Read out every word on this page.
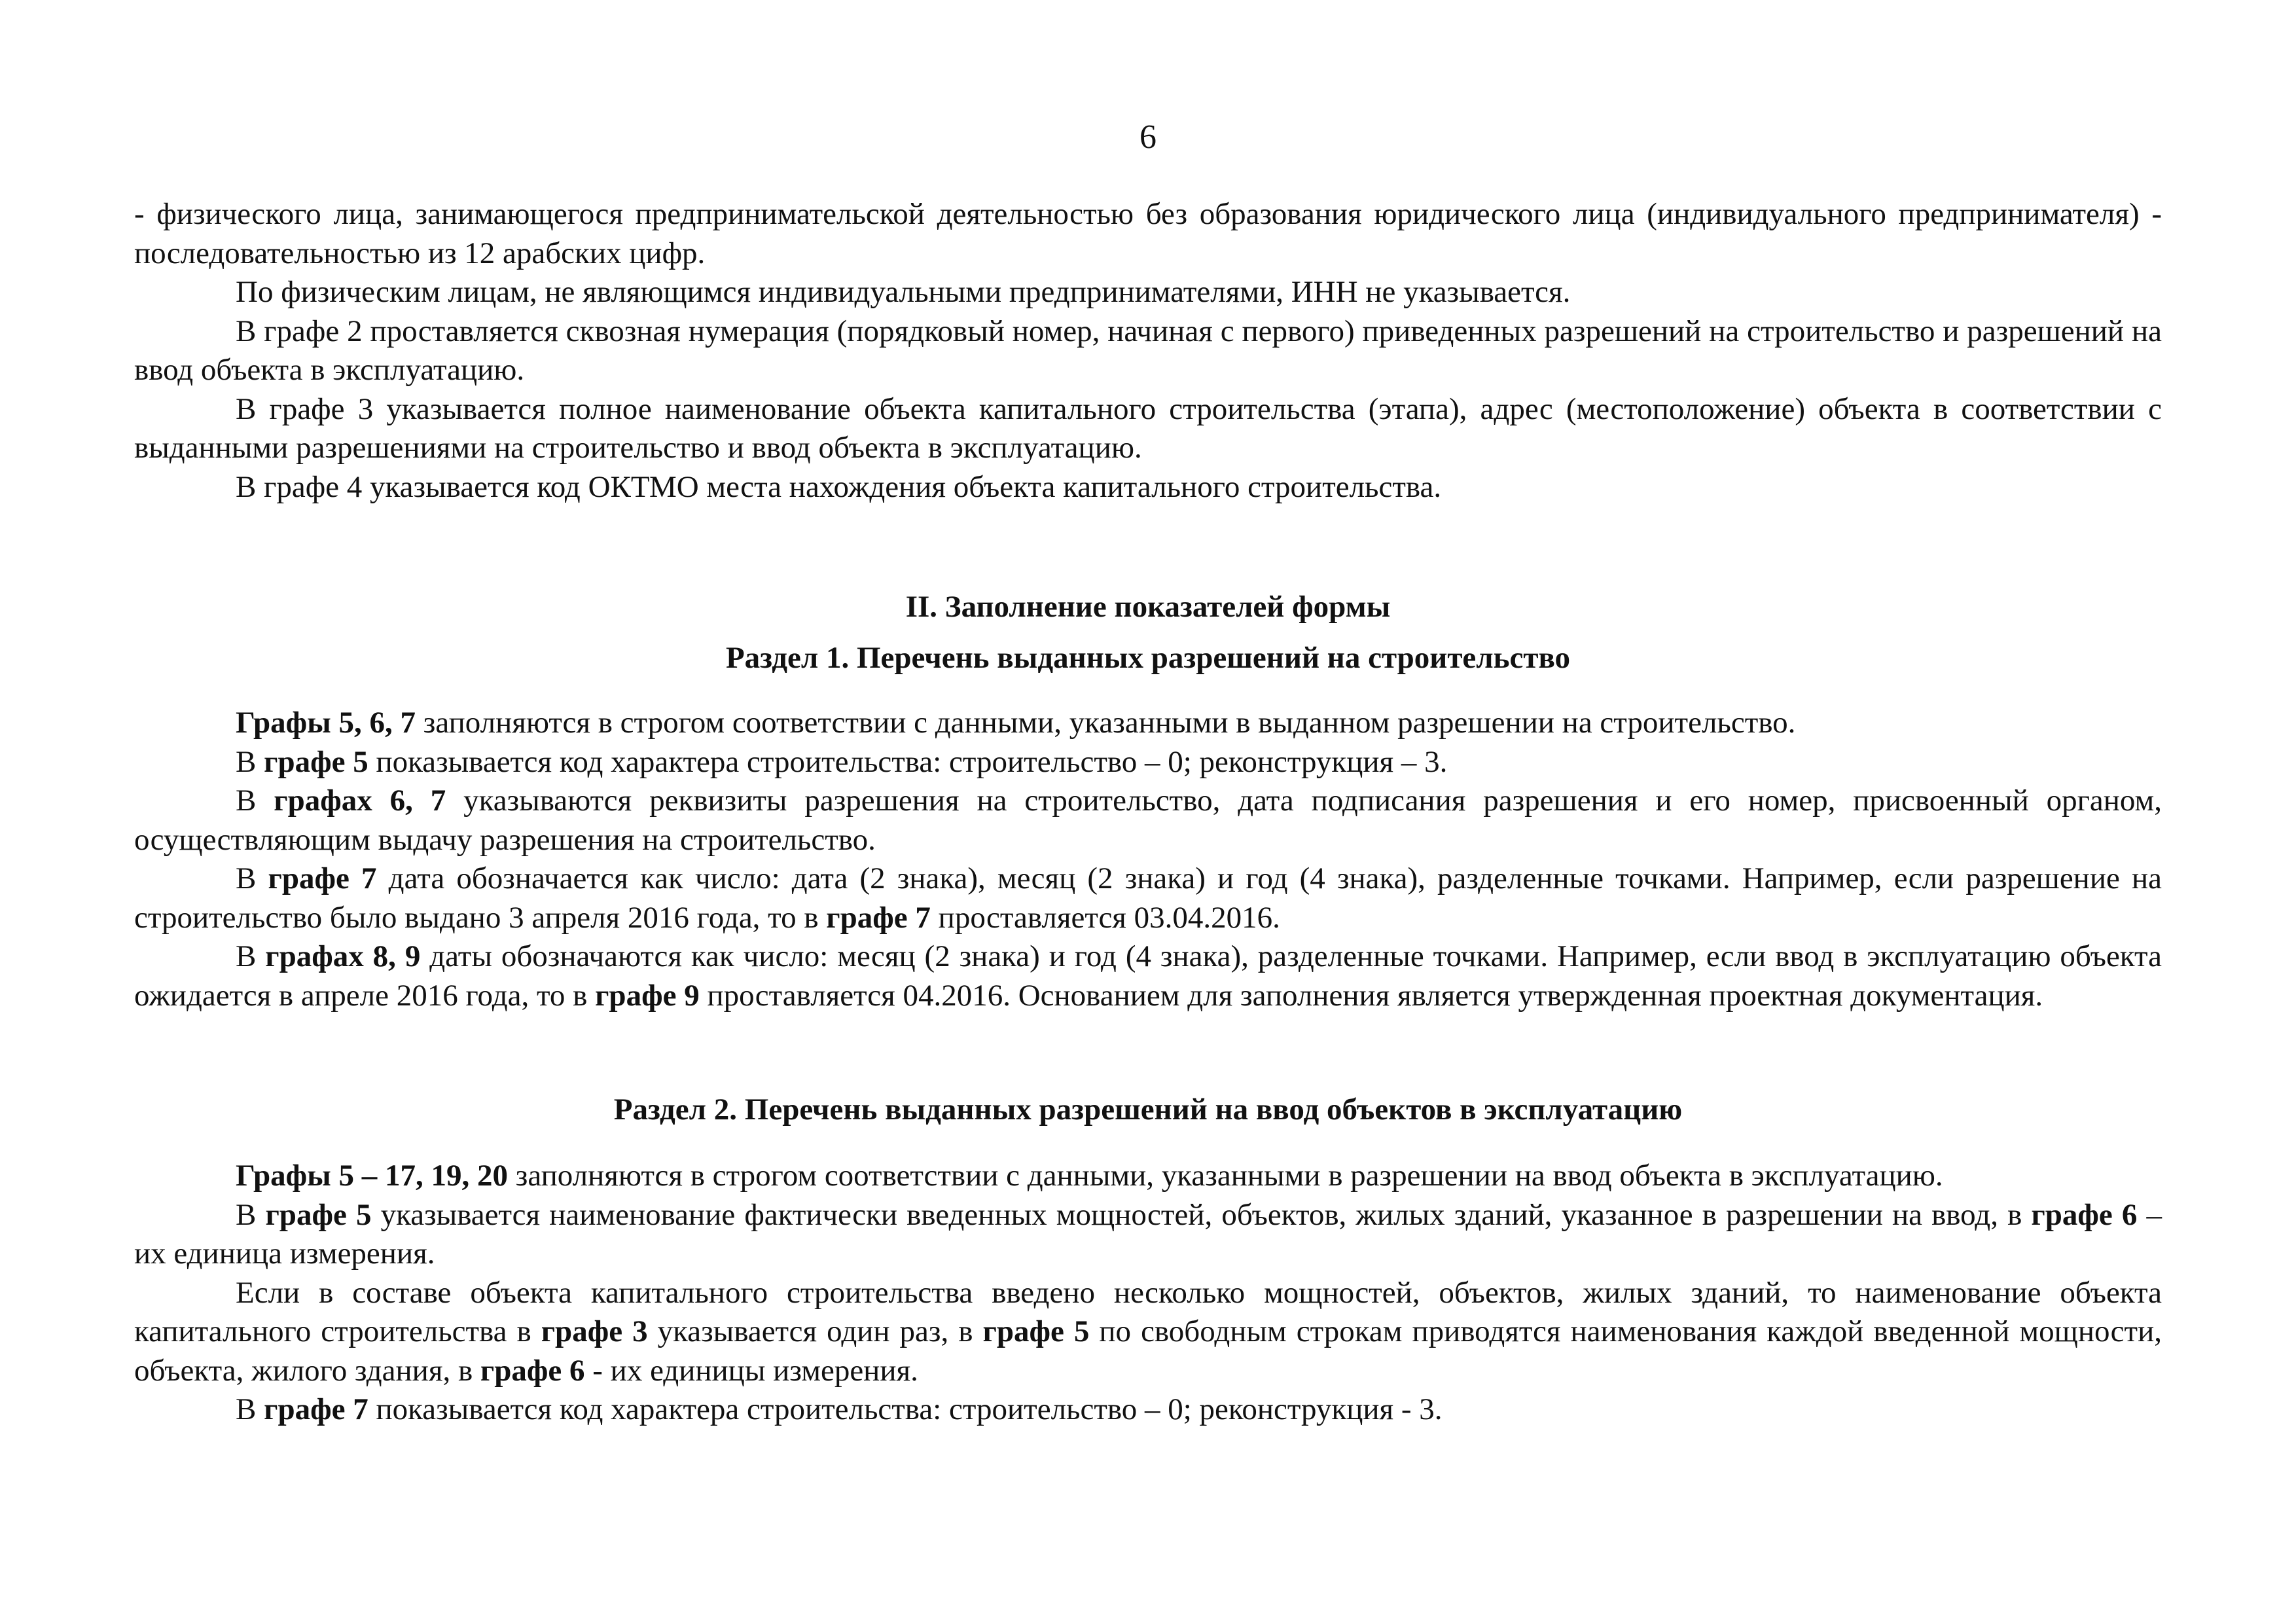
6

- физического лица, занимающегося предпринимательской деятельностью без образования юридического лица (индивидуального предпринимателя) - последовательностью из 12 арабских цифр.

По физическим лицам, не являющимся индивидуальными предпринимателями, ИНН не указывается.

В графе 2 проставляется сквозная нумерация (порядковый номер, начиная с первого) приведенных разрешений на строительство и разрешений на ввод объекта в эксплуатацию.

В графе 3 указывается полное наименование объекта капитального строительства (этапа), адрес (местоположение) объекта в соответствии с выданными разрешениями на строительство и ввод объекта в эксплуатацию.

В графе 4 указывается код ОКТМО места нахождения объекта капитального строительства.

II. Заполнение показателей формы
Раздел 1. Перечень выданных разрешений на строительство

Графы 5, 6, 7 заполняются в строгом соответствии с данными, указанными в выданном разрешении на строительство.

В графе 5 показывается код характера строительства: строительство – 0; реконструкция – 3.

В графах 6, 7 указываются реквизиты разрешения на строительство, дата подписания разрешения и его номер, присвоенный органом, осуществляющим выдачу разрешения на строительство.

В графе 7 дата обозначается как число: дата (2 знака), месяц (2 знака) и год (4 знака), разделенные точками. Например, если разрешение на строительство было выдано 3 апреля 2016 года, то в графе 7 проставляется 03.04.2016.

В графах 8, 9 даты обозначаются как число: месяц (2 знака) и год (4 знака), разделенные точками. Например, если ввод в эксплуатацию объекта ожидается в апреле 2016 года, то в графе 9 проставляется 04.2016. Основанием для заполнения является утвержденная проектная документация.

Раздел 2. Перечень выданных разрешений на ввод объектов в эксплуатацию

Графы 5 – 17, 19, 20 заполняются в строгом соответствии с данными, указанными в разрешении на ввод объекта в эксплуатацию.

В графе 5 указывается наименование фактически введенных мощностей, объектов, жилых зданий, указанное в разрешении на ввод, в графе 6 – их единица измерения.

Если в составе объекта капитального строительства введено несколько мощностей, объектов, жилых зданий, то наименование объекта капитального строительства в графе 3 указывается один раз, в графе 5 по свободным строкам приводятся наименования каждой введенной мощности, объекта, жилого здания, в графе 6 - их единицы измерения.

В графе 7 показывается код характера строительства: строительство – 0; реконструкция - 3.
